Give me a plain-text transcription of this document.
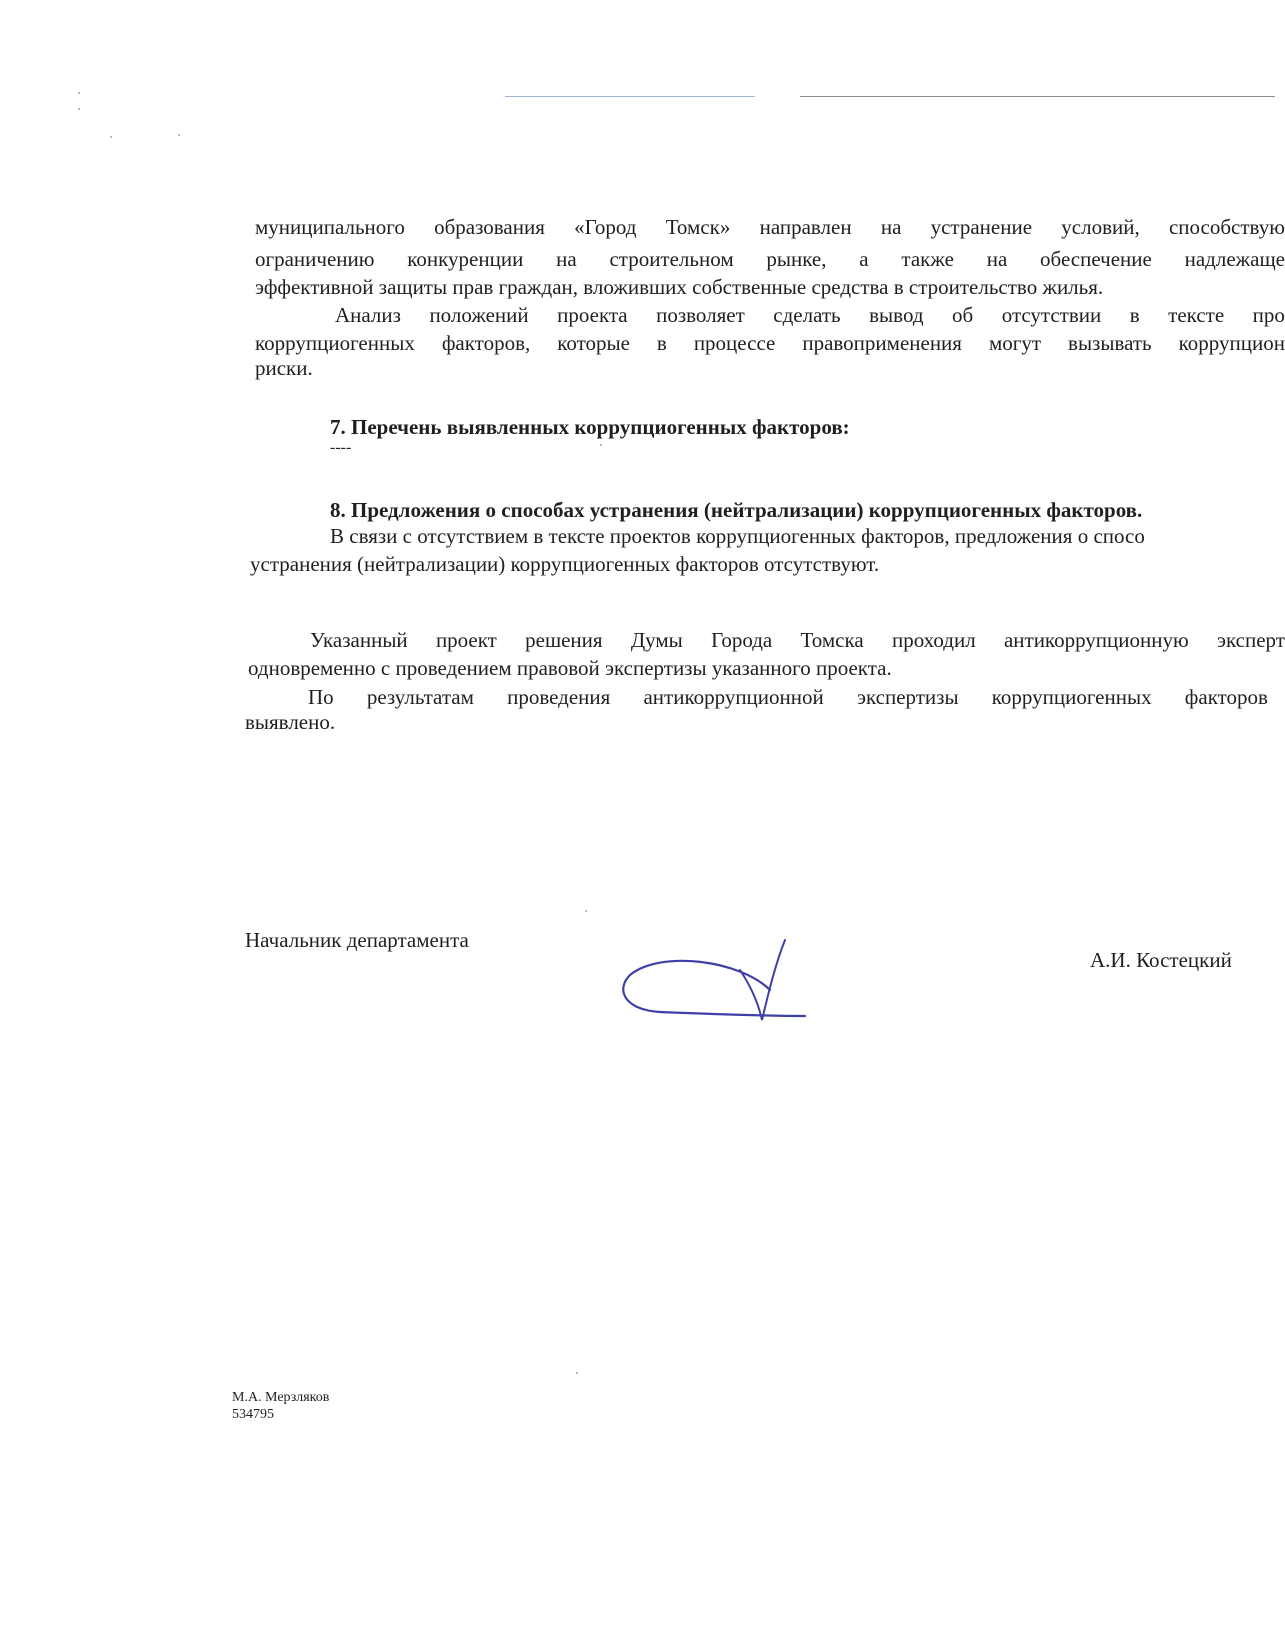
муниципального образования «Город Томск» направлен на устранение условий, способствую
ограничению конкуренции на строительном рынке, а также на обеспечение надлежаще
эффективной защиты прав граждан, вложивших собственные средства в строительство жилья.
Анализ положений проекта позволяет сделать вывод об отсутствии в тексте про
коррупциогенных факторов, которые в процессе правоприменения могут вызывать коррупцион
риски.
7. Перечень выявленных коррупциогенных факторов:
----
8. Предложения о способах устранения (нейтрализации) коррупциогенных факторов.
В связи с отсутствием в тексте проектов коррупциогенных факторов, предложения о спосо
устранения (нейтрализации) коррупциогенных факторов отсутствуют.
Указанный проект решения Думы Города Томска проходил антикоррупционную эксперт
одновременно с проведением правовой экспертизы указанного проекта.
По результатам проведения антикоррупционной экспертизы коррупциогенных факторов
выявлено.
Начальник департамента
А.И. Костецкий
М.А. Мерзляков
534795
